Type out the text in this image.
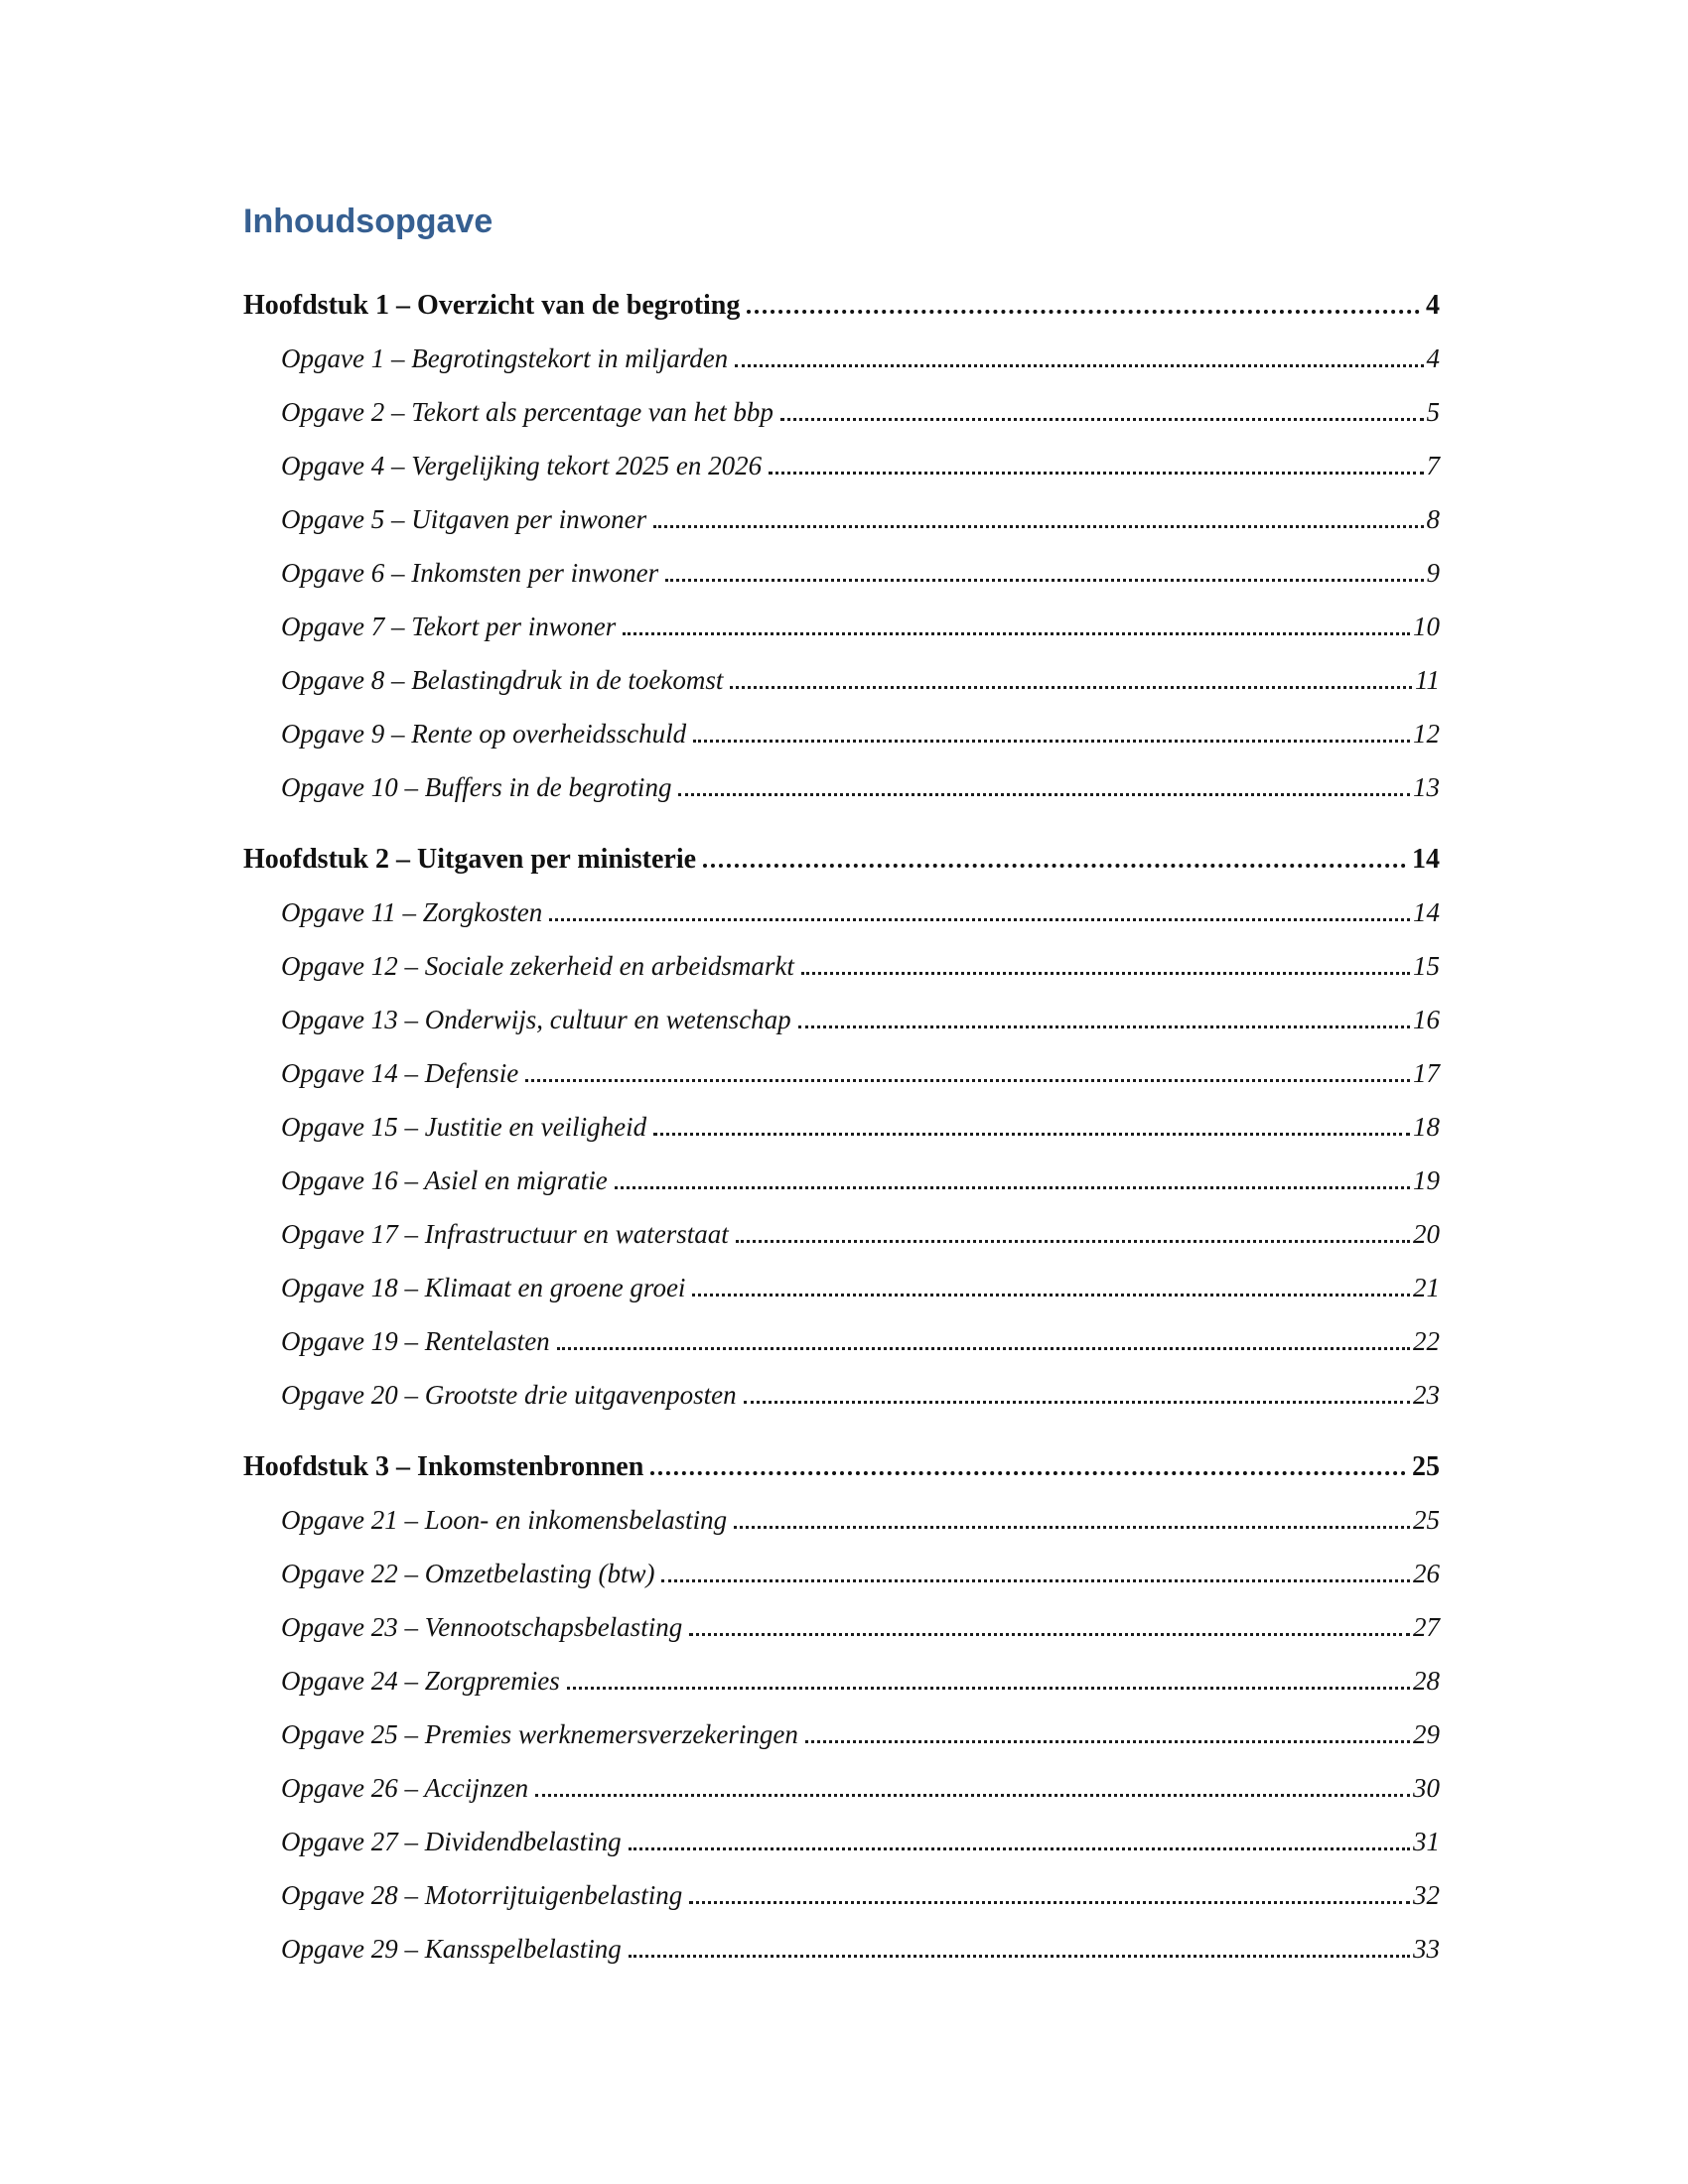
Inhoudsopgave
Hoofdstuk 1 – Overzicht van de begroting	4
Opgave 1 – Begrotingstekort in miljarden	4
Opgave 2 – Tekort als percentage van het bbp	5
Opgave 4 – Vergelijking tekort 2025 en 2026	7
Opgave 5 – Uitgaven per inwoner	8
Opgave 6 – Inkomsten per inwoner	9
Opgave 7 – Tekort per inwoner	10
Opgave 8 – Belastingdruk in de toekomst	11
Opgave 9 – Rente op overheidsschuld	12
Opgave 10 – Buffers in de begroting	13
Hoofdstuk 2 – Uitgaven per ministerie	14
Opgave 11 – Zorgkosten	14
Opgave 12 – Sociale zekerheid en arbeidsmarkt	15
Opgave 13 – Onderwijs, cultuur en wetenschap	16
Opgave 14 – Defensie	17
Opgave 15 – Justitie en veiligheid	18
Opgave 16 – Asiel en migratie	19
Opgave 17 – Infrastructuur en waterstaat	20
Opgave 18 – Klimaat en groene groei	21
Opgave 19 – Rentelasten	22
Opgave 20 – Grootste drie uitgavenposten	23
Hoofdstuk 3 – Inkomstenbronnen	25
Opgave 21 – Loon- en inkomensbelasting	25
Opgave 22 – Omzetbelasting (btw)	26
Opgave 23 – Vennootschapsbelasting	27
Opgave 24 – Zorgpremies	28
Opgave 25 – Premies werknemersverzekeringen	29
Opgave 26 – Accijnzen	30
Opgave 27 – Dividendbelasting	31
Opgave 28 – Motorrijtuigenbelasting	32
Opgave 29 – Kansspelbelasting	33
